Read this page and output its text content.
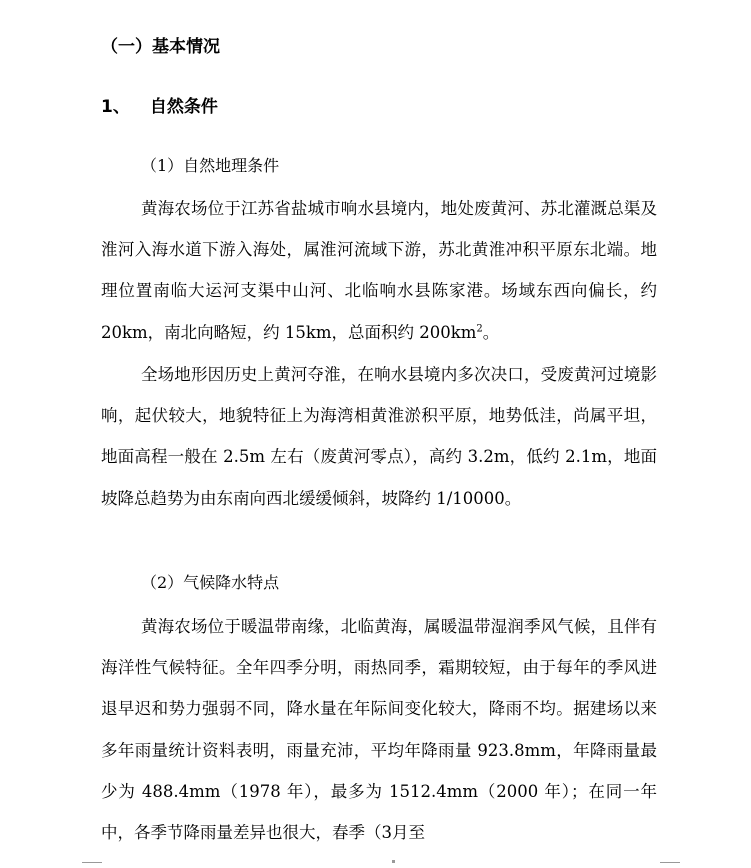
（一）基本情况
1、 自然条件
（1）自然地理条件

黄海农场位于江苏省盐城市响水县境内，地处废黄河、苏北灌溉总渠及淮河入海水道下游入海处，属淮河流域下游，苏北黄淮冲积平原东北端。地理位置南临大运河支渠中山河、北临响水县陈家港。场域东西向偏长，约 20km，南北向略短，约 15km，总面积约 $200km^2$。

全场地形因历史上黄河夺淮，在响水县境内多次决口，受废黄河过境影响，起伏较大，地貌特征上为海湾相黄淮淤积平原，地势低洼，尚属平坦，地面高程一般在 2.5m 左右（废黄河零点），高约 3.2m，低约 2.1m，地面坡降总趋势为由东南向西北缓缓倾斜，坡降约 1/10000。

（2）气候降水特点

黄海农场位于暖温带南缘，北临黄海，属暖温带湿润季风气候，且伴有海洋性气候特征。全年四季分明，雨热同季，霜期较短，由于每年的季风进退早迟和势力强弱不同，降水量在年际间变化较大，降雨不均。据建场以来多年雨量统计资料表明，雨量充沛，平均年降雨量 923.8mm，年降雨量最少为 488.4mm（1978 年），最多为 1512.4mm（2000 年）；在同一年中，各季节降雨量差异也很大，春季（3月至
